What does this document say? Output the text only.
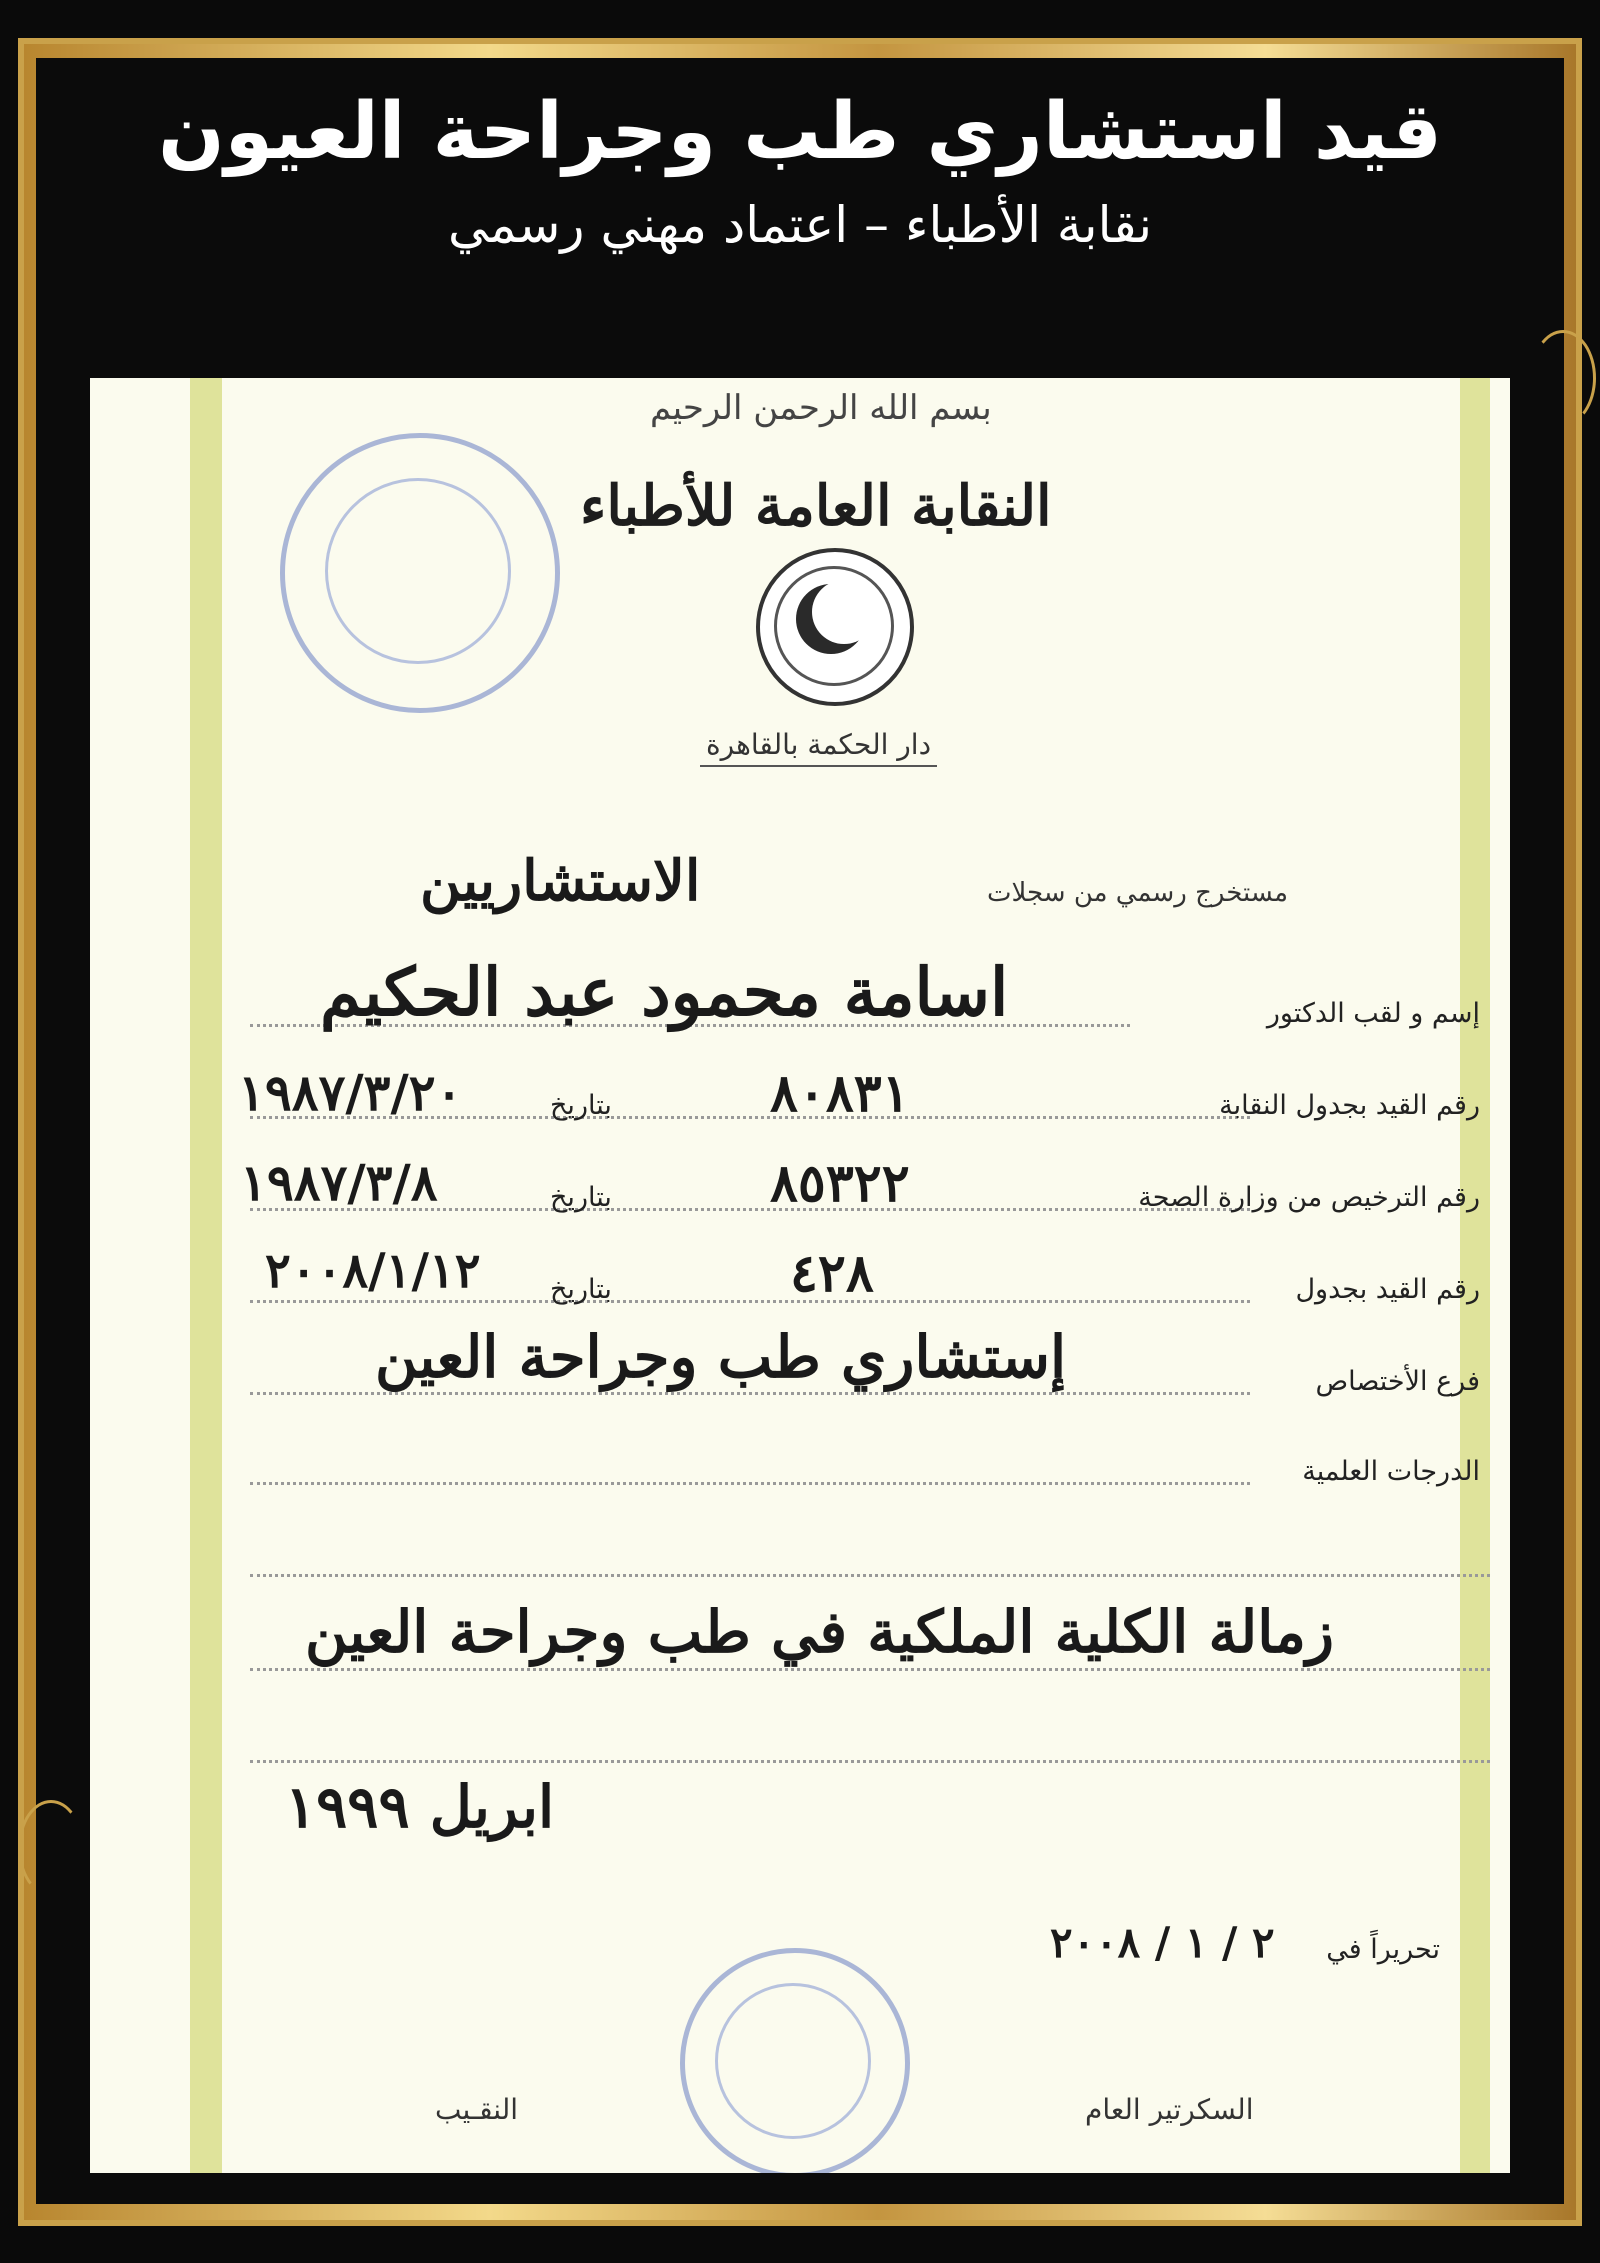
قيد استشاري طب وجراحة العيون
نقابة الأطباء – اعتماد مهني رسمي
بسم الله الرحمن الرحيم
النقابة العامة للأطباء
دار الحكمة بالقاهرة
مستخرج رسمي من سجلات
الاستشاريين
إسم و لقب الدكتور
اسامة محمود عبد الحكيم
رقم القيد بجدول النقابة
٨٠٨٣١
بتاريخ
١٩٨٧/٣/٢٠
رقم الترخيص من وزارة الصحة
٨٥٣٢٢
بتاريخ
١٩٨٧/٣/٨
رقم القيد بجدول
٤٢٨
بتاريخ
٢٠٠٨/١/١٢
فرع الأختصاص
إستشاري طب وجراحة العين
الدرجات العلمية
زمالة الكلية الملكية في طب وجراحة العين
ابريل ١٩٩٩
تحريراً في
٢ / ١ / ٢٠٠٨
السكرتير العام
النقـيب
